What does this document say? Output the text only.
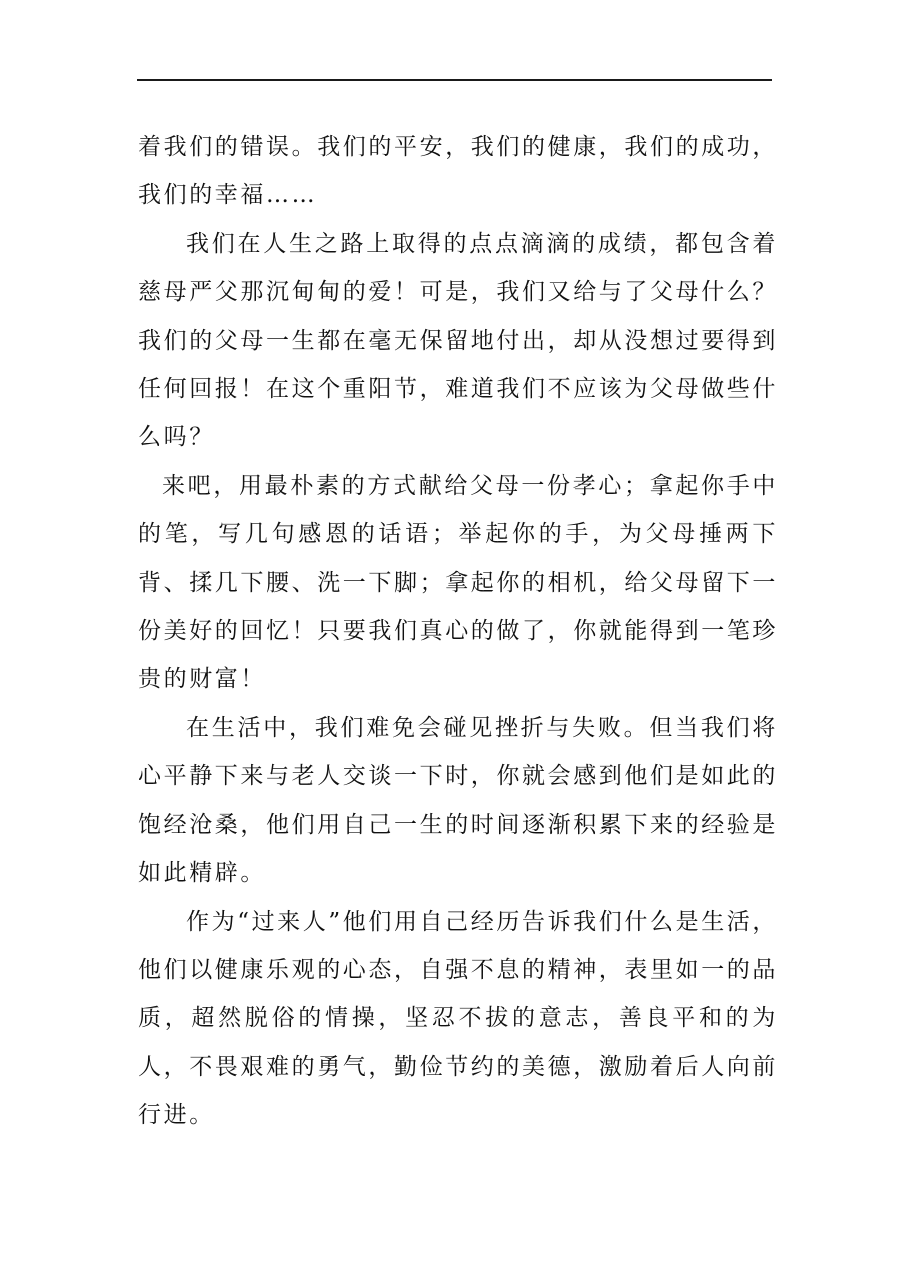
着我们的错误。我们的平安，我们的健康，我们的成功，我们的幸福……

我们在人生之路上取得的点点滴滴的成绩，都包含着慈母严父那沉甸甸的爱！可是，我们又给与了父母什么？我们的父母一生都在毫无保留地付出，却从没想过要得到任何回报！在这个重阳节，难道我们不应该为父母做些什么吗？

来吧，用最朴素的方式献给父母一份孝心；拿起你手中的笔，写几句感恩的话语；举起你的手，为父母捶两下背、揉几下腰、洗一下脚；拿起你的相机，给父母留下一份美好的回忆！只要我们真心的做了，你就能得到一笔珍贵的财富！

在生活中，我们难免会碰见挫折与失败。但当我们将心平静下来与老人交谈一下时，你就会感到他们是如此的饱经沧桑，他们用自己一生的时间逐渐积累下来的经验是如此精辟。

作为“过来人”他们用自己经历告诉我们什么是生活，他们以健康乐观的心态，自强不息的精神，表里如一的品质，超然脱俗的情操，坚忍不拔的意志，善良平和的为人，不畏艰难的勇气，勤俭节约的美德，激励着后人向前行进。
